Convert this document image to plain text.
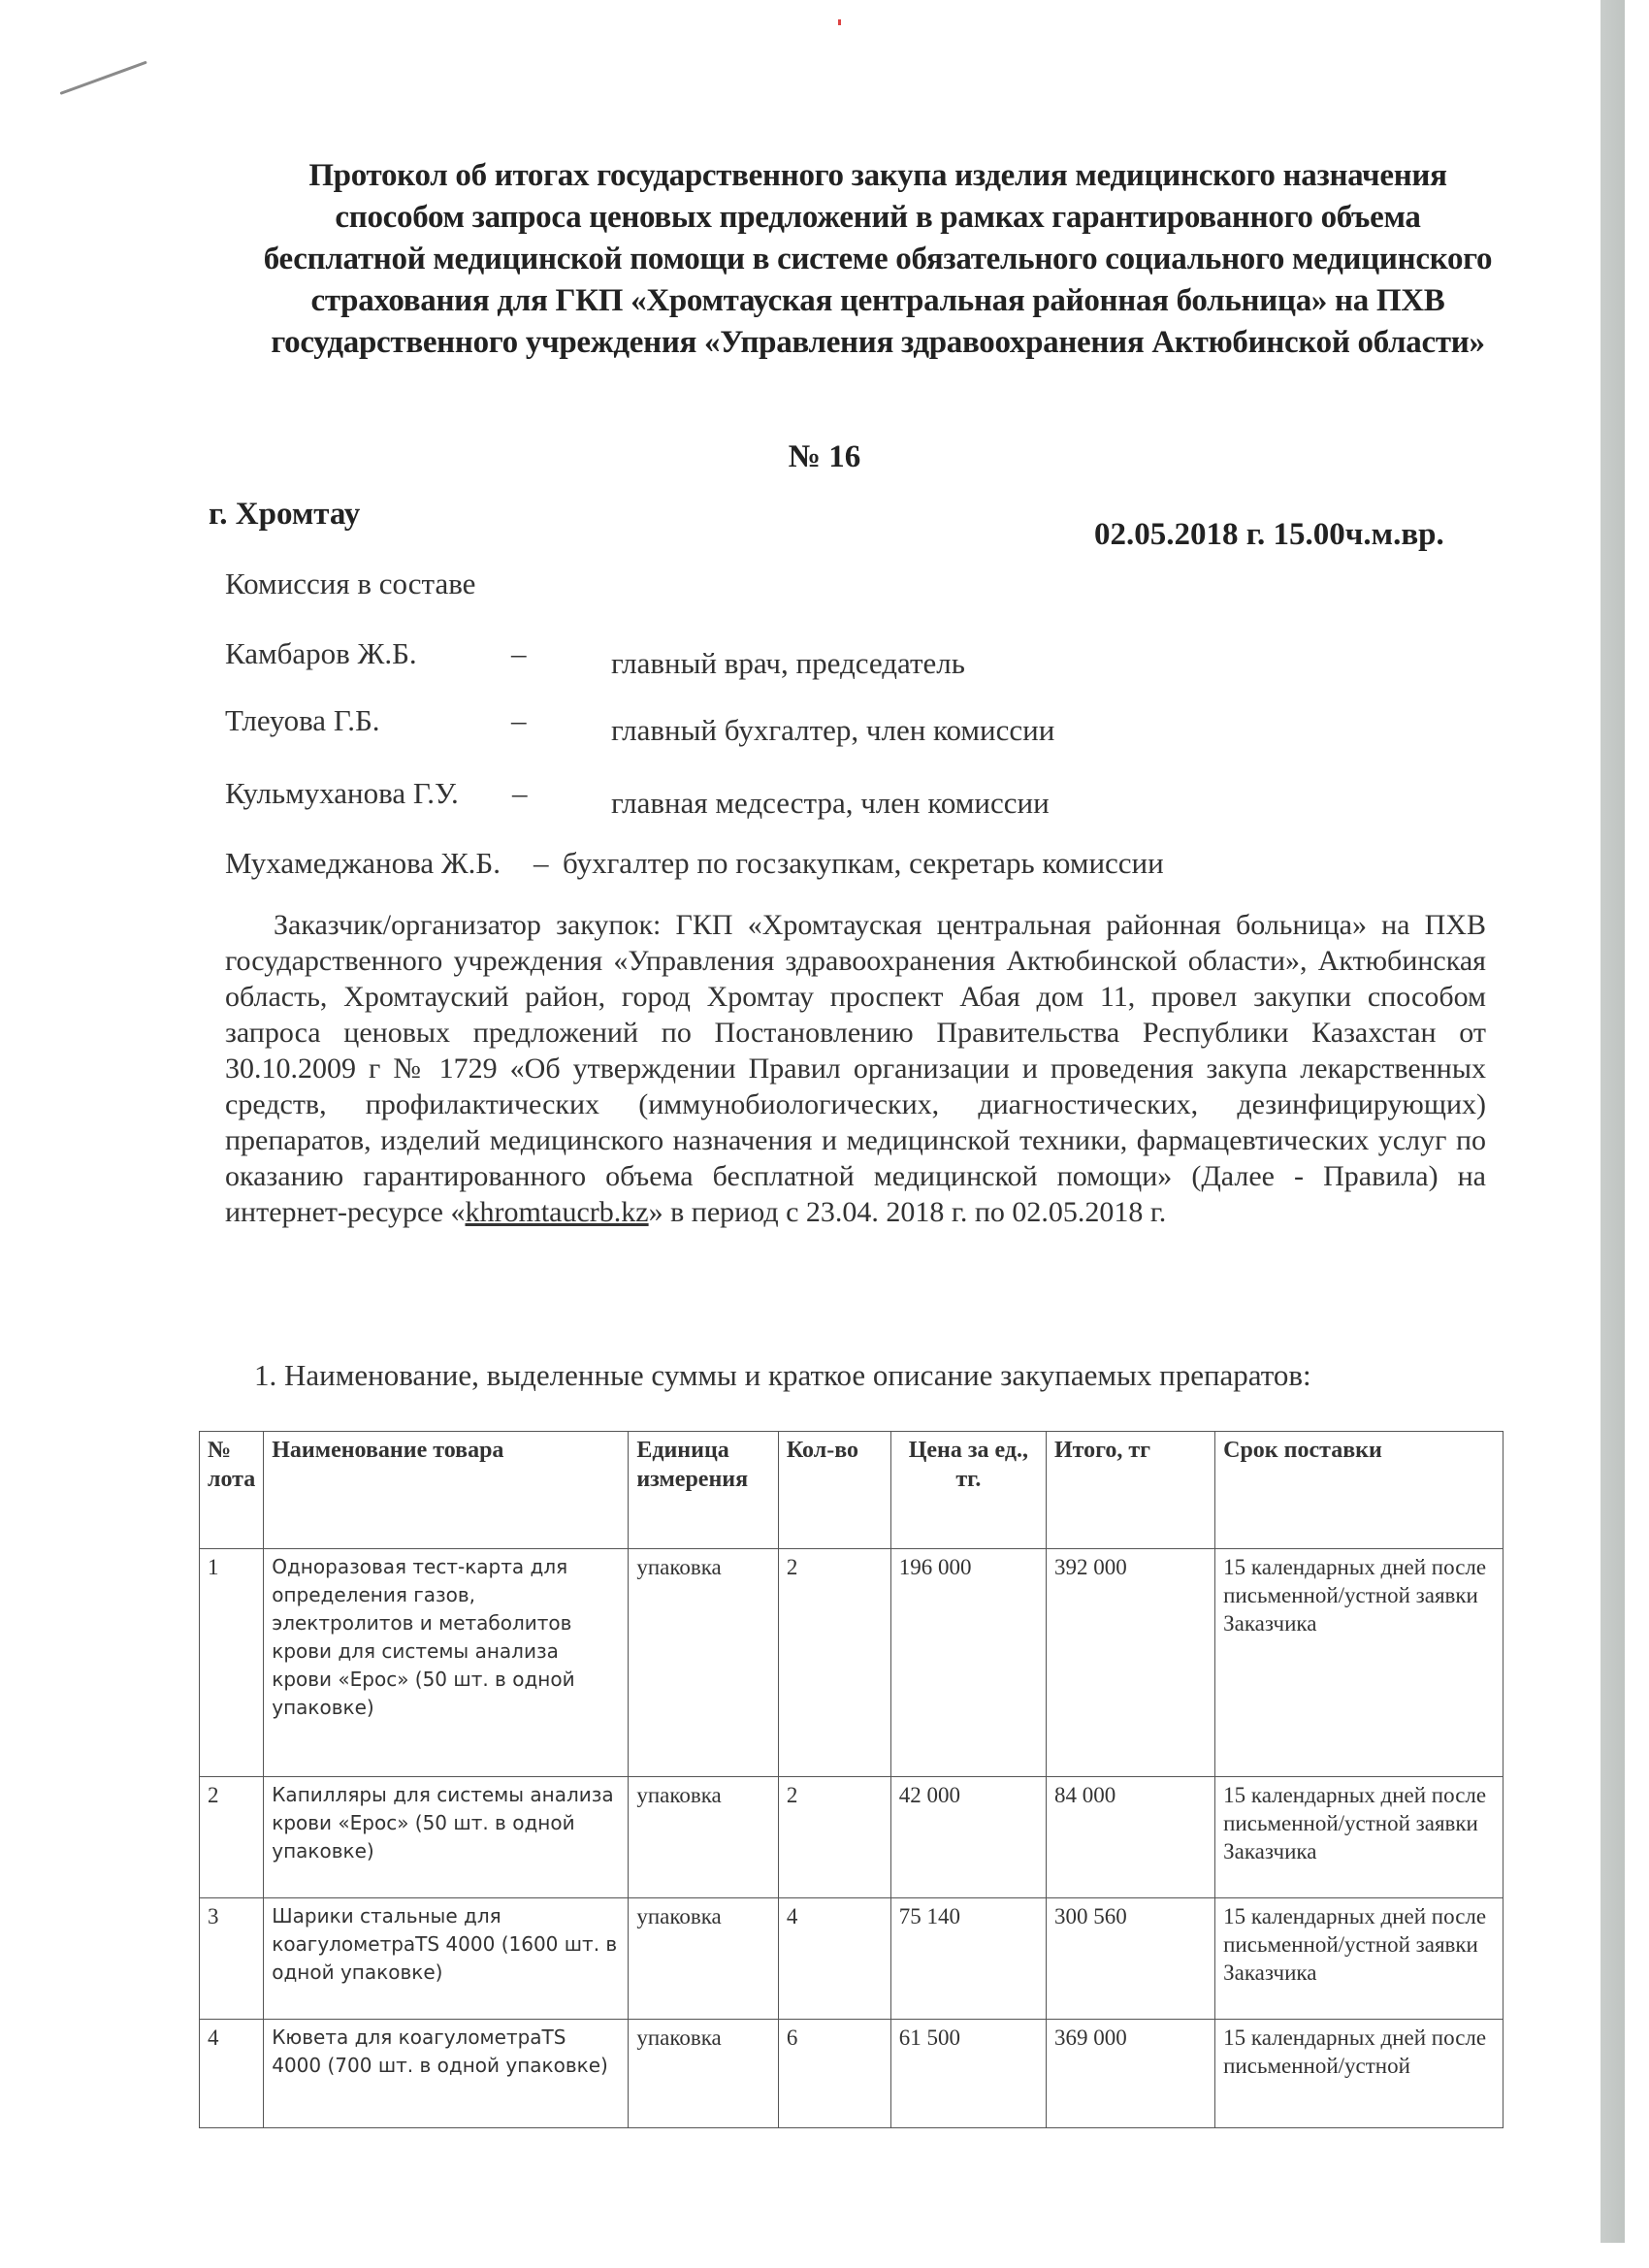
Протокол об итогах государственного закупа изделия медицинского назначения способом запроса ценовых предложений в рамках гарантированного объема бесплатной медицинской помощи в системе обязательного социального медицинского страхования для ГКП «Хромтауская центральная районная больница» на ПХВ государственного учреждения «Управления здравоохранения Актюбинской области»
№ 16
г. Хромтау
02.05.2018 г. 15.00ч.м.вр.
Комиссия в составе
Камбаров Ж.Б.	–	главный врач, председатель
Тлеуова Г.Б.	–	главный бухгалтер, член комиссии
Кульмуханова Г.У. –	главная медсестра, член комиссии
Мухамеджанова Ж.Б. – бухгалтер по госзакупкам, секретарь комиссии
Заказчик/организатор закупок: ГКП «Хромтауская центральная районная больница» на ПХВ государственного учреждения «Управления здравоохранения Актюбинской области», Актюбинская область, Хромтауский район, город Хромтау проспект Абая дом 11, провел закупки способом запроса ценовых предложений по Постановлению Правительства Республики Казахстан от 30.10.2009 г № 1729 «Об утверждении Правил организации и проведения закупа лекарственных средств, профилактических (иммунобиологических, диагностических, дезинфицирующих) препаратов, изделий медицинского назначения и медицинской техники, фармацевтических услуг по оказанию гарантированного объема бесплатной медицинской помощи» (Далее - Правила) на интернет-ресурсе «khromtaucrb.kz» в период с 23.04. 2018 г. по 02.05.2018 г.
1. Наименование, выделенные суммы и краткое описание закупаемых препаратов:
№ лота	Наименование товара	Единица измерения	Кол-во	Цена за ед., тг.	Итого, тг	Срок поставки
1	Одноразовая тест-карта для определения газов, электролитов и метаболитов крови для системы анализа крови «Ерос» (50 шт. в одной упаковке)	упаковка	2	196 000	392 000	15 календарных дней после письменной/устной заявки Заказчика
2	Капилляры для системы анализа крови «Ерос» (50 шт. в одной упаковке)	упаковка	2	42 000	84 000	15 календарных дней после письменной/устной заявки Заказчика
3	Шарики стальные для коагулометраTS 4000 (1600 шт. в одной упаковке)	упаковка	4	75 140	300 560	15 календарных дней после письменной/устной заявки Заказчика
4	Кювета для коагулометраTS 4000 (700 шт. в одной упаковке)	упаковка	6	61 500	369 000	15 календарных дней после письменной/устной
